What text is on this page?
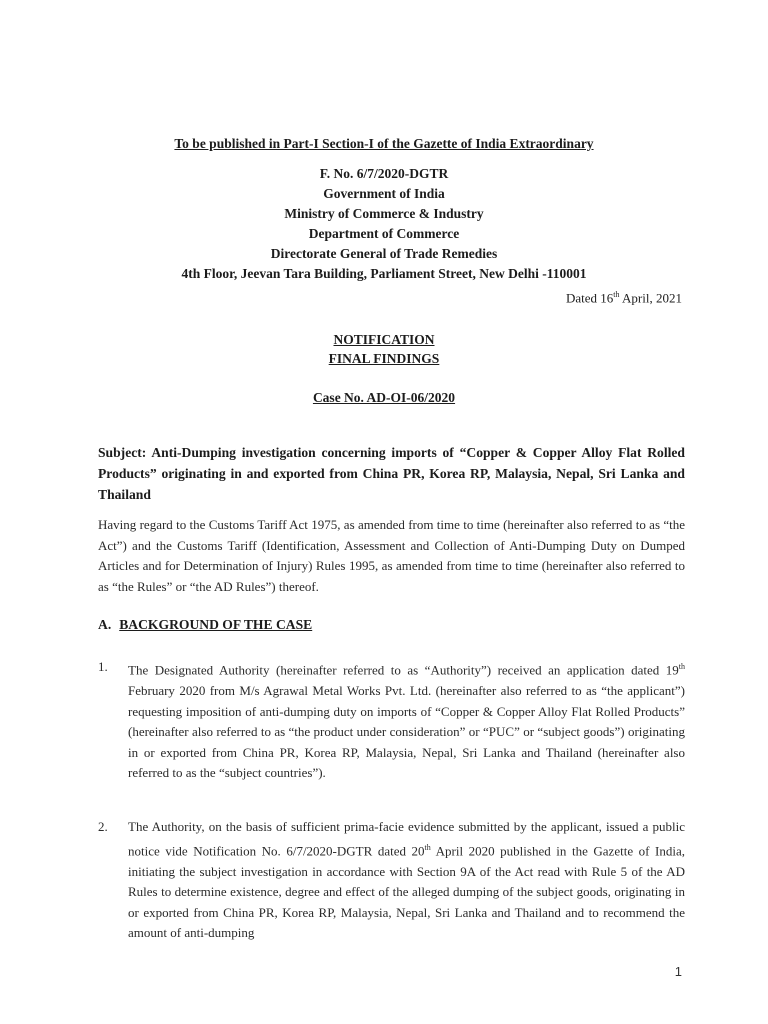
To be published in Part-I Section-I of the Gazette of India Extraordinary
F. No. 6/7/2020-DGTR
Government of India
Ministry of Commerce & Industry
Department of Commerce
Directorate General of Trade Remedies
4th Floor, Jeevan Tara Building, Parliament Street, New Delhi -110001
Dated 16th April, 2021
NOTIFICATION
FINAL FINDINGS
Case No. AD-OI-06/2020
Subject: Anti-Dumping investigation concerning imports of “Copper & Copper Alloy Flat Rolled Products” originating in and exported from China PR, Korea RP, Malaysia, Nepal, Sri Lanka and Thailand
Having regard to the Customs Tariff Act 1975, as amended from time to time (hereinafter also referred to as “the Act”) and the Customs Tariff (Identification, Assessment and Collection of Anti-Dumping Duty on Dumped Articles and for Determination of Injury) Rules 1995, as amended from time to time (hereinafter also referred to as “the Rules” or “the AD Rules”) thereof.
A. BACKGROUND OF THE CASE
1. The Designated Authority (hereinafter referred to as “Authority”) received an application dated 19th February 2020 from M/s Agrawal Metal Works Pvt. Ltd. (hereinafter also referred to as “the applicant”) requesting imposition of anti-dumping duty on imports of “Copper & Copper Alloy Flat Rolled Products” (hereinafter also referred to as “the product under consideration” or “PUC” or “subject goods”) originating in or exported from China PR, Korea RP, Malaysia, Nepal, Sri Lanka and Thailand (hereinafter also referred to as the “subject countries”).
2. The Authority, on the basis of sufficient prima-facie evidence submitted by the applicant, issued a public notice vide Notification No. 6/7/2020-DGTR dated 20th April 2020 published in the Gazette of India, initiating the subject investigation in accordance with Section 9A of the Act read with Rule 5 of the AD Rules to determine existence, degree and effect of the alleged dumping of the subject goods, originating in or exported from China PR, Korea RP, Malaysia, Nepal, Sri Lanka and Thailand and to recommend the amount of anti-dumping
1
